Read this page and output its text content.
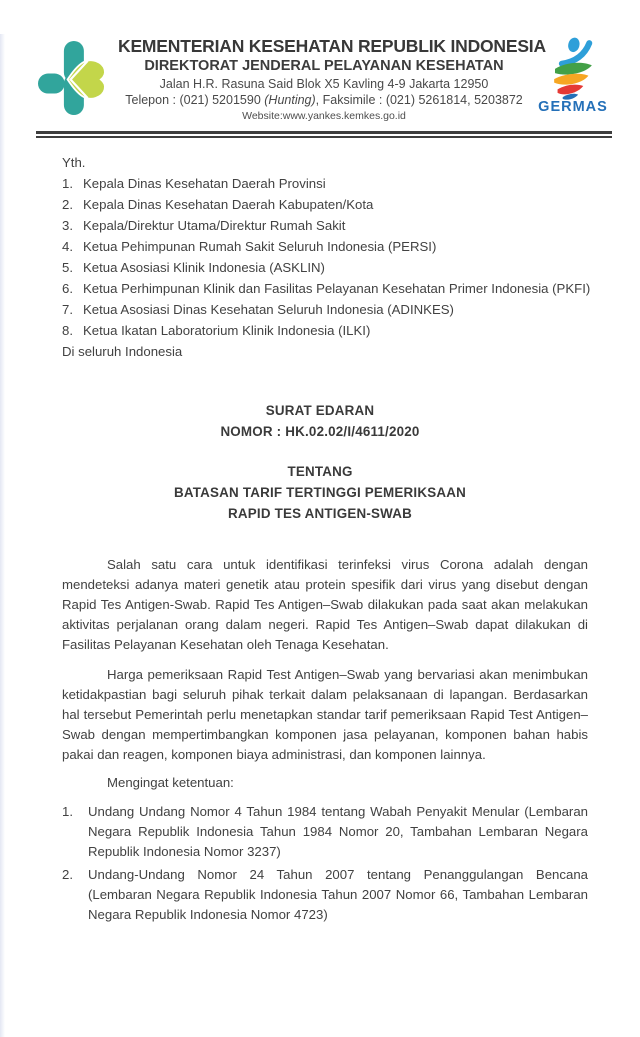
KEMENTERIAN KESEHATAN REPUBLIK INDONESIA
DIREKTORAT JENDERAL PELAYANAN KESEHATAN
Jalan H.R. Rasuna Said Blok X5 Kavling 4-9 Jakarta 12950
Telepon : (021) 5201590 (Hunting), Faksimile : (021) 5261814, 5203872
Website:www.yankes.kemkes.go.id
GERMAS
Yth.
1. Kepala Dinas Kesehatan Daerah Provinsi
2. Kepala Dinas Kesehatan Daerah Kabupaten/Kota
3. Kepala/Direktur Utama/Direktur Rumah Sakit
4. Ketua Pehimpunan Rumah Sakit Seluruh Indonesia (PERSI)
5. Ketua Asosiasi Klinik Indonesia (ASKLIN)
6. Ketua Perhimpunan Klinik dan Fasilitas Pelayanan Kesehatan Primer Indonesia (PKFI)
7. Ketua Asosiasi Dinas Kesehatan Seluruh Indonesia (ADINKES)
8. Ketua Ikatan Laboratorium Klinik Indonesia (ILKI)
Di seluruh Indonesia
SURAT EDARAN
NOMOR : HK.02.02/I/4611/2020
TENTANG
BATASAN TARIF TERTINGGI PEMERIKSAAN
RAPID TES ANTIGEN-SWAB

Salah satu cara untuk identifikasi terinfeksi virus Corona adalah dengan mendeteksi adanya materi genetik atau protein spesifik dari virus yang disebut dengan Rapid Tes Antigen-Swab. Rapid Tes Antigen–Swab dilakukan pada saat akan melakukan aktivitas perjalanan orang dalam negeri. Rapid Tes Antigen–Swab dapat dilakukan di Fasilitas Pelayanan Kesehatan oleh Tenaga Kesehatan.

Harga pemeriksaan Rapid Test Antigen–Swab yang bervariasi akan menimbukan ketidakpastian bagi seluruh pihak terkait dalam pelaksanaan di lapangan. Berdasarkan hal tersebut Pemerintah perlu menetapkan standar tarif pemeriksaan Rapid Test Antigen–Swab dengan mempertimbangkan komponen jasa pelayanan, komponen bahan habis pakai dan reagen, komponen biaya administrasi, dan komponen lainnya.

Mengingat ketentuan:

1.	Undang Undang Nomor 4 Tahun 1984 tentang Wabah Penyakit Menular (Lembaran Negara Republik Indonesia Tahun 1984 Nomor 20, Tambahan Lembaran Negara Republik Indonesia Nomor 3237)
2.	Undang-Undang Nomor 24 Tahun 2007 tentang Penanggulangan Bencana (Lembaran Negara Republik Indonesia Tahun 2007 Nomor 66, Tambahan Lembaran Negara Republik Indonesia Nomor 4723)
